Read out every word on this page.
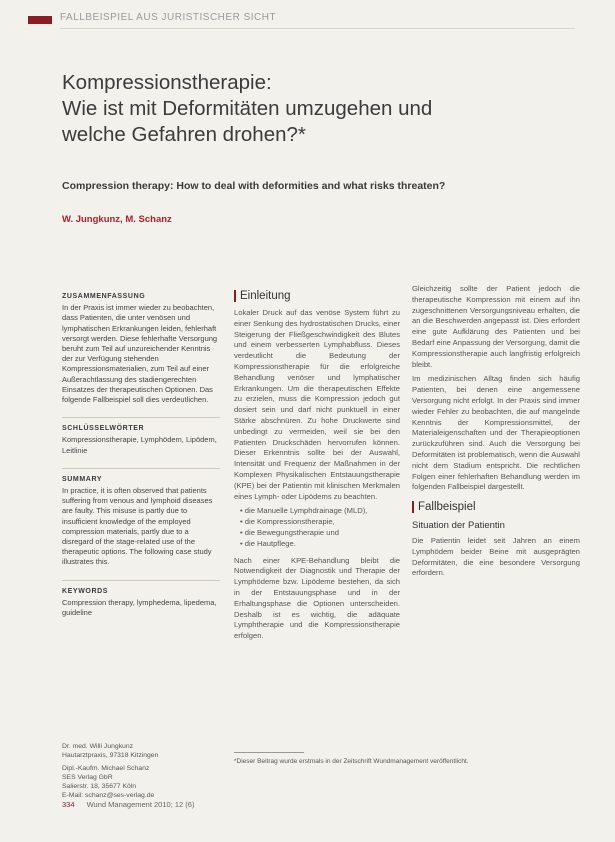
FALLBEISPIEL AUS JURISTISCHER SICHT
Kompressionstherapie:
Wie ist mit Deformitäten umzugehen und
welche Gefahren drohen?*
Compression therapy: How to deal with deformities and what risks threaten?
W. Jungkunz, M. Schanz
ZUSAMMENFASSUNG

In der Praxis ist immer wieder zu beobachten, dass Patienten, die unter venösen und lymphatischen Erkrankungen leiden, fehlerhaft versorgt werden. Diese fehlerhafte Versorgung beruht zum Teil auf unzureichender Kenntnis der zur Verfügung stehenden Kompressionsmaterialien, zum Teil auf einer Außerachtlassung des stadiengerechten Einsatzes der therapeutischen Optionen. Das folgende Fallbeispiel soll dies verdeutlichen.

SCHLÜSSELWÖRTER

Kompressionstherapie, Lymphödem, Lipödem, Leitlinie

SUMMARY

In practice, it is often observed that patients suffering from venous and lymphoid diseases are faulty. This misuse is partly due to insufficient knowledge of the employed compression materials, partly due to a disregard of the stage-related use of the therapeutic options. The following case study illustrates this.

KEYWORDS

Compression therapy, lymphedema, lipedema, guideline

Dr. med. Willi Jungkunz

Hautarztpraxis, 97318 Kitzingen

Dipl.-Kaufm. Michael Schanz

SES Verlag GbR

Salierstr. 18, 35677 Köln

E-Mail: schanz@ses-verlag.de

Einleitung

Lokaler Druck auf das venöse System führt zu einer Senkung des hydrostatischen Drucks, einer Steigerung der Fließgeschwindigkeit des Blutes und einem verbesserten Lymphabfluss. Dieses verdeutlicht die Bedeutung der Kompressionstherapie für die erfolgreiche Behandlung venöser und lymphatischer Erkrankungen. Um die therapeutischen Effekte zu erzielen, muss die Kompression jedoch gut dosiert sein und darf nicht punktuell in einer Stärke abschnüren. Zu hohe Druckwerte sind unbedingt zu vermeiden, weil sie bei den Patienten Druckschäden hervorrufen können. Dieser Erkenntnis sollte bei der Auswahl, Intensität und Frequenz der Maßnahmen in der Komplexen Physikalischen Entstauungstherapie (KPE) bei der Patientin mit klinischen Merkmalen eines Lymph- oder Lipödems zu beachten.

• die Manuelle Lymphdrainage (MLD),
• die Kompressionstherapie,
• die Bewegungstherapie und
• die Hautpflege.

Nach einer KPE-Behandlung bleibt die Notwendigkeit der Diagnostik und Therapie der Lymphödeme bzw. Lipödeme bestehen, da sich in der Entstauungsphase und in der Erhaltungsphase die Optionen unterscheiden. Deshalb ist es wichtig, die adäquate Lymphtherapie und die Kompressionstherapie erfolgen.

Gleichzeitig sollte der Patient jedoch die therapeutische Kompression mit einem auf ihn zugeschnittenen Versorgungsniveau erhalten, die an die Beschwerden angepasst ist. Dies erfordert eine gute Aufklärung des Patienten und bei Bedarf eine Anpassung der Versorgung, damit die Kompressionstherapie auch langfristig erfolgreich bleibt.

Im medizinischen Alltag finden sich häufig Patienten, bei denen eine angemessene Versorgung nicht erfolgt. In der Praxis sind immer wieder Fehler zu beobachten, die auf mangelnde Kenntnis der Kompressionsmittel, der Materialeigenschaften und der Therapieoptionen zurückzuführen sind. Auch die Versorgung bei Deformitäten ist problematisch, wenn die Auswahl nicht dem Stadium entspricht. Die rechtlichen Folgen einer fehlerhaften Behandlung werden im folgenden Fallbeispiel dargestellt.

Fallbeispiel
Situation der Patientin

Die Patientin leidet seit Jahren an einem Lymphödem beider Beine mit ausgeprägten Deformitäten, die eine besondere Versorgung erfordern.

*Dieser Beitrag wurde erstmals in der Zeitschrift Wundmanagement veröffentlicht.
334 Wund Management 2010; 12 (6)
